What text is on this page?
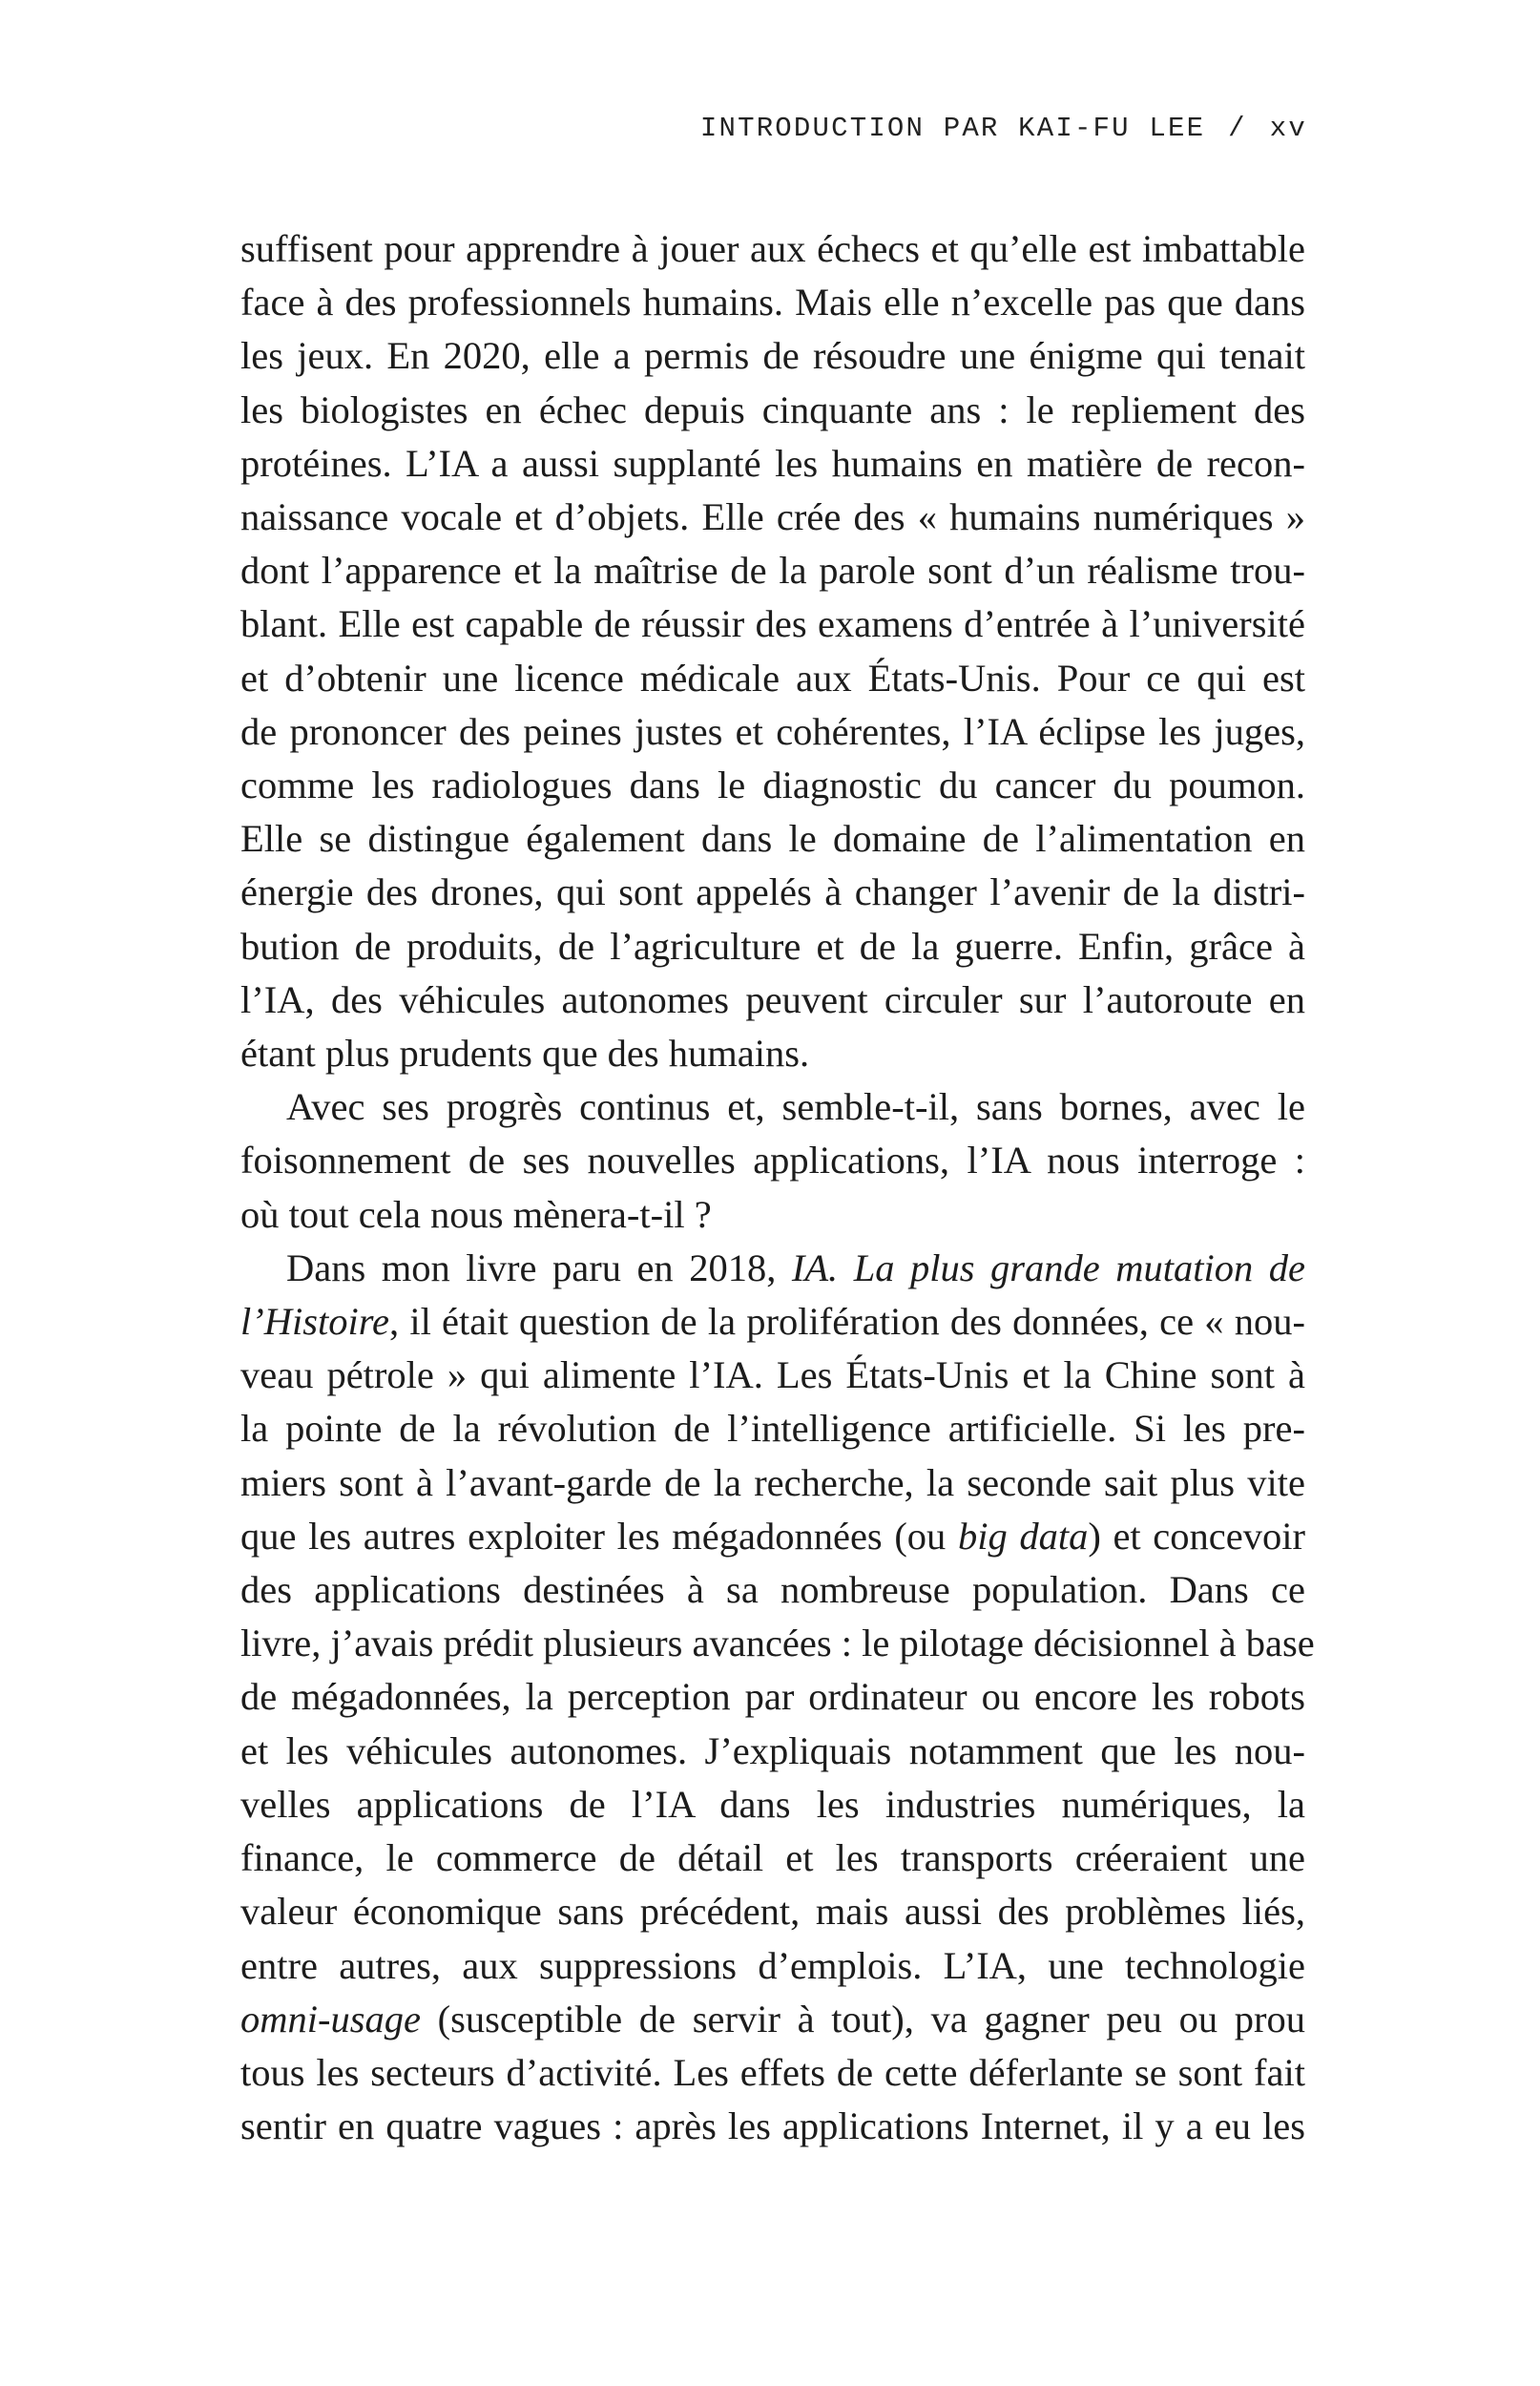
INTRODUCTION PAR KAI-FU LEE / xv
suffisent pour apprendre à jouer aux échecs et qu’elle est imbattable
face à des professionnels humains. Mais elle n’excelle pas que dans
les jeux. En 2020, elle a permis de résoudre une énigme qui tenait
les biologistes en échec depuis cinquante ans : le repliement des
protéines. L’IA a aussi supplanté les humains en matière de recon-
naissance vocale et d’objets. Elle crée des « humains numériques »
dont l’apparence et la maîtrise de la parole sont d’un réalisme trou-
blant. Elle est capable de réussir des examens d’entrée à l’université
et d’obtenir une licence médicale aux États-Unis. Pour ce qui est
de prononcer des peines justes et cohérentes, l’IA éclipse les juges,
comme les radiologues dans le diagnostic du cancer du poumon.
Elle se distingue également dans le domaine de l’alimentation en
énergie des drones, qui sont appelés à changer l’avenir de la distri-
bution de produits, de l’agriculture et de la guerre. Enfin, grâce à
l’IA, des véhicules autonomes peuvent circuler sur l’autoroute en
étant plus prudents que des humains.
Avec ses progrès continus et, semble-t-il, sans bornes, avec le
foisonnement de ses nouvelles applications, l’IA nous interroge :
où tout cela nous mènera-t-il ?
Dans mon livre paru en 2018, IA. La plus grande mutation de
l’Histoire, il était question de la prolifération des données, ce « nou-
veau pétrole » qui alimente l’IA. Les États-Unis et la Chine sont à
la pointe de la révolution de l’intelligence artificielle. Si les pre-
miers sont à l’avant-garde de la recherche, la seconde sait plus vite
que les autres exploiter les mégadonnées (ou big data) et concevoir
des applications destinées à sa nombreuse population. Dans ce
livre, j’avais prédit plusieurs avancées : le pilotage décisionnel à base
de mégadonnées, la perception par ordinateur ou encore les robots
et les véhicules autonomes. J’expliquais notamment que les nou-
velles applications de l’IA dans les industries numériques, la
finance, le commerce de détail et les transports créeraient une
valeur économique sans précédent, mais aussi des problèmes liés,
entre autres, aux suppressions d’emplois. L’IA, une technologie
omni-usage (susceptible de servir à tout), va gagner peu ou prou
tous les secteurs d’activité. Les effets de cette déferlante se sont fait
sentir en quatre vagues : après les applications Internet, il y a eu les
